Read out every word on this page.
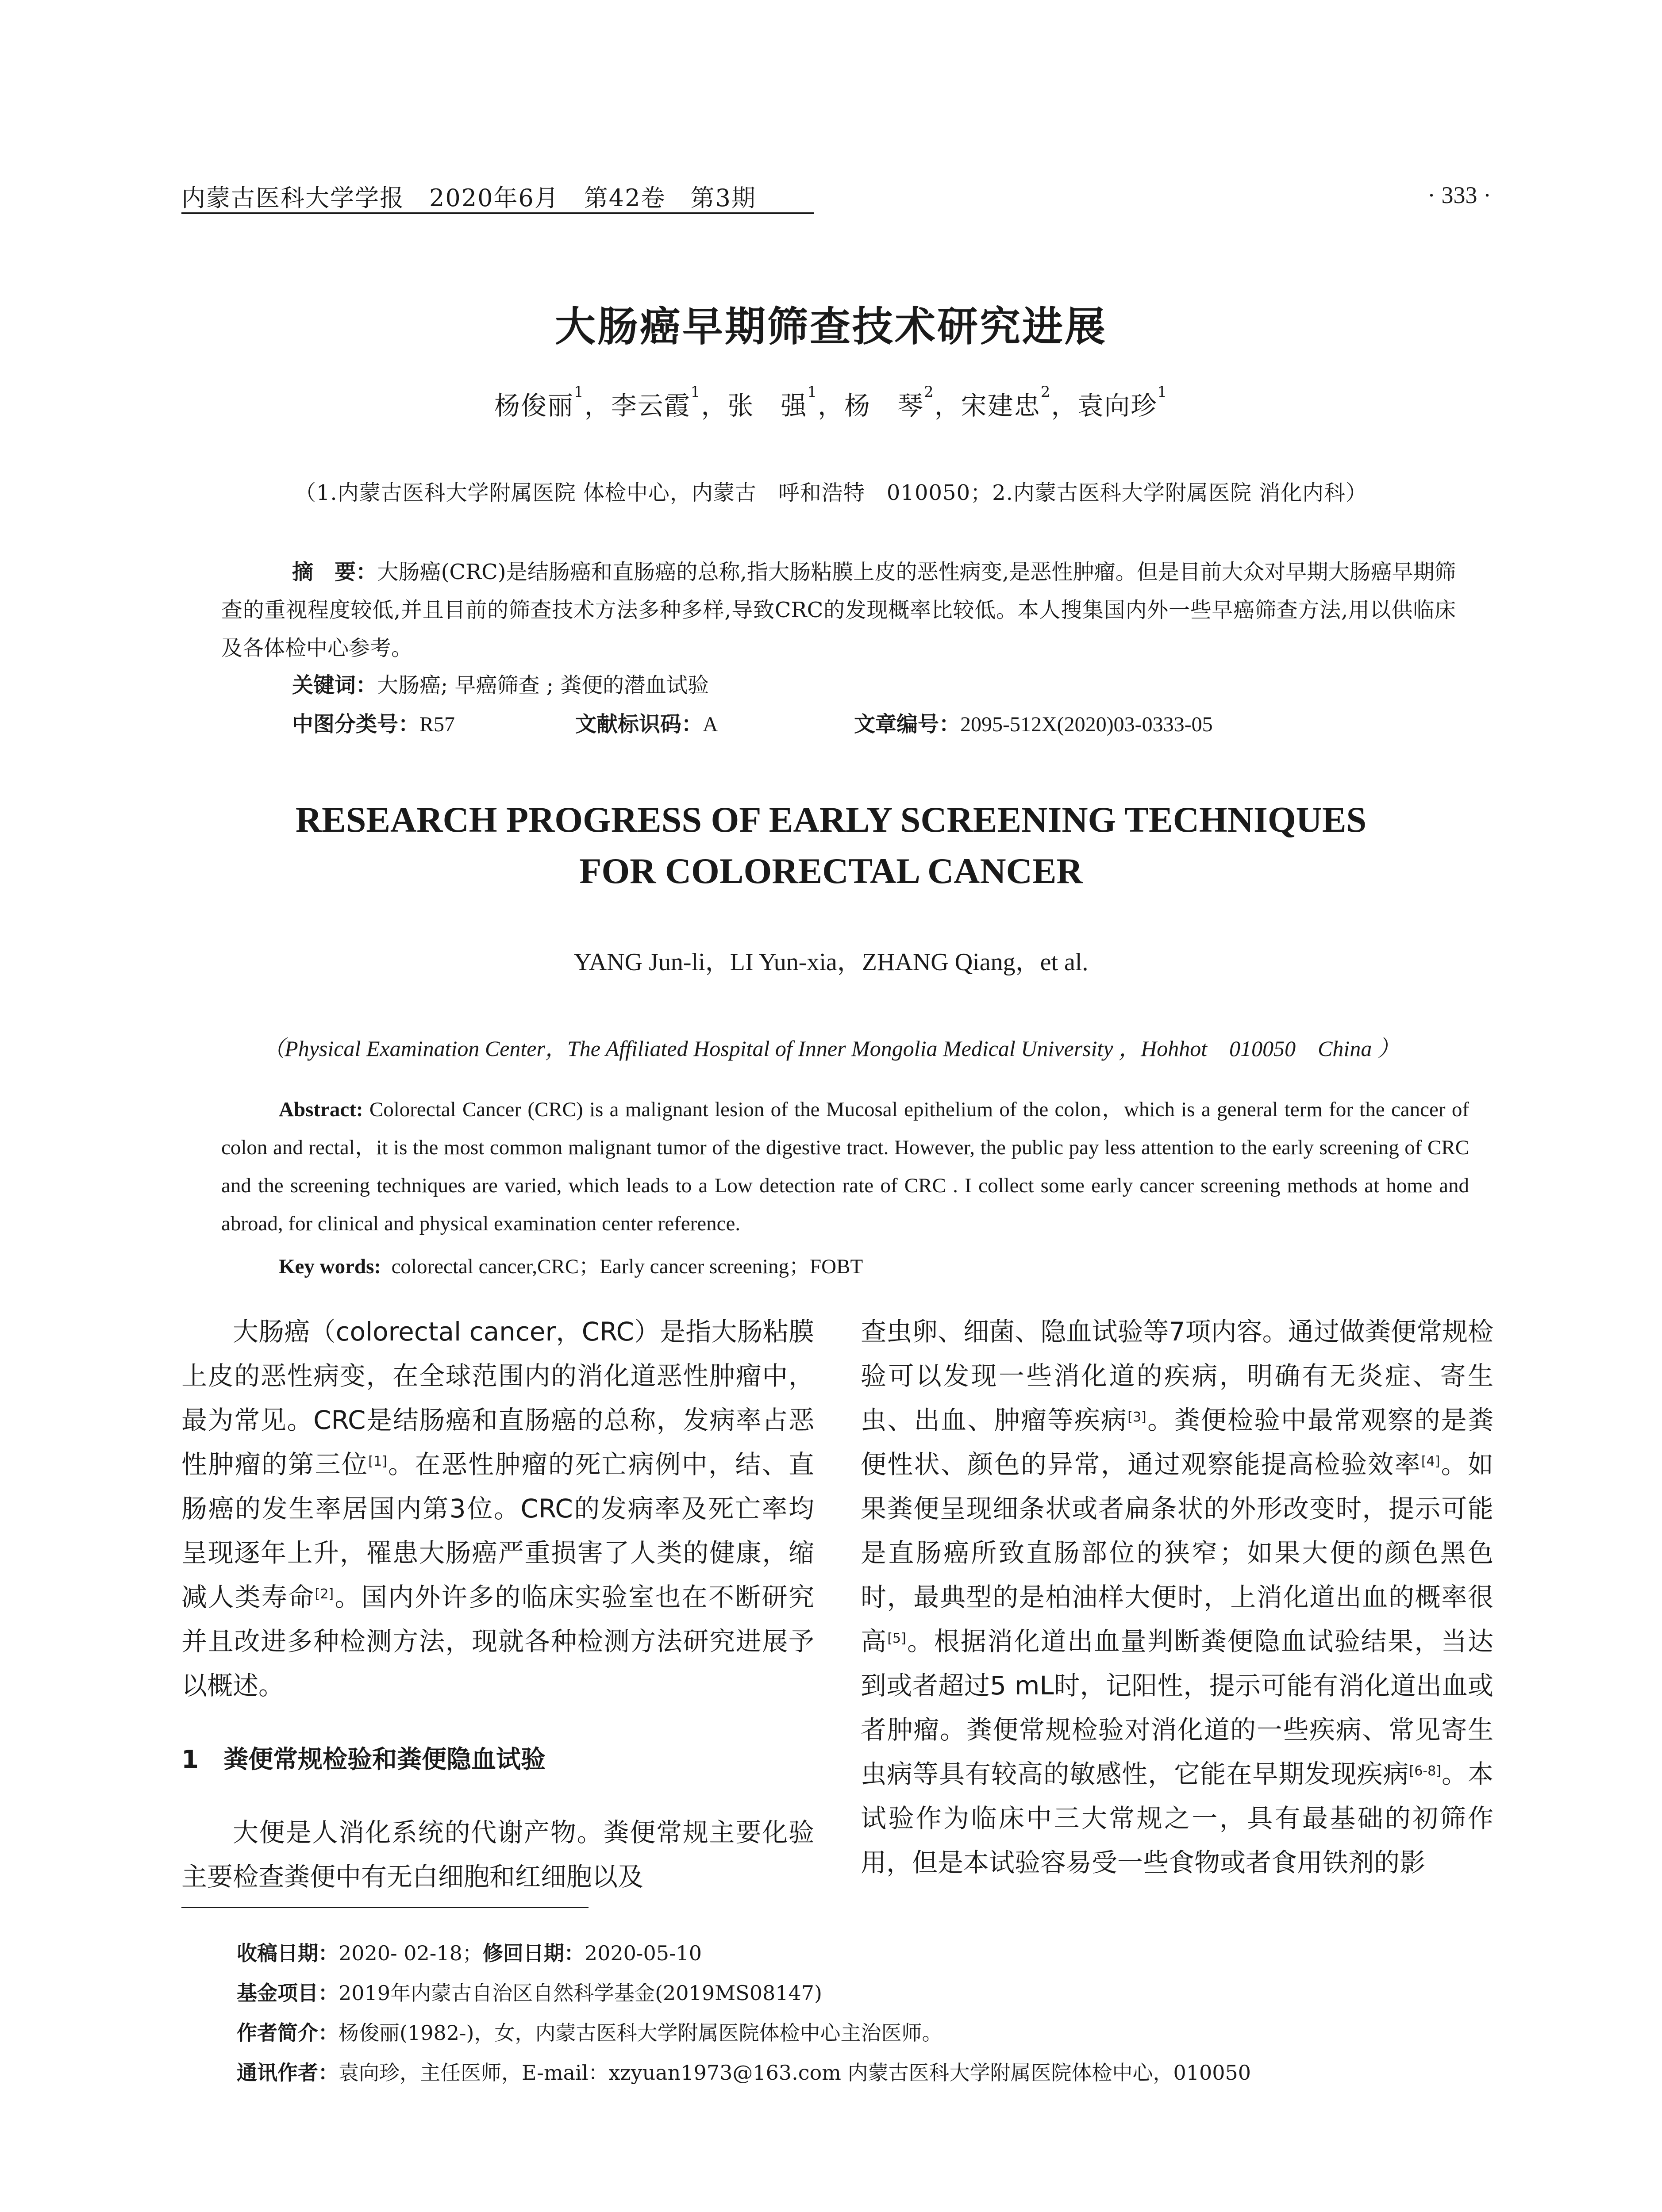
内蒙古医科大学学报　2020年6月　第42卷　第3期	· 333 ·
大肠癌早期筛查技术研究进展
杨俊丽$^1$，李云霞$^1$，张　强$^1$，杨　琴$^2$，宋建忠$^2$，袁向珍$^1$
（1.内蒙古医科大学附属医院 体检中心，内蒙古　呼和浩特　010050；2.内蒙古医科大学附属医院 消化内科）
摘　要：大肠癌(CRC)是结肠癌和直肠癌的总称,指大肠粘膜上皮的恶性病变,是恶性肿瘤。但是目前大众对早期大肠癌早期筛查的重视程度较低,并且目前的筛查技术方法多种多样,导致CRC的发现概率比较低。本人搜集国内外一些早癌筛查方法,用以供临床及各体检中心参考。
关键词：大肠癌; 早癌筛查 ; 粪便的潜血试验
中图分类号：R57	文献标识码：A	文章编号：2095-512X(2020)03-0333-05
RESEARCH PROGRESS OF EARLY SCREENING TECHNIQUES
FOR COLORECTAL CANCER
YANG Jun-li，LI Yun-xia，ZHANG Qiang，et al.
（Physical Examination Center，The Affiliated Hospital of Inner Mongolia Medical University ，Hohhot　010050　China ）
Abstract: Colorectal Cancer (CRC) is a malignant lesion of the Mucosal epithelium of the colon，which is a general term for the cancer of colon and rectal，it is the most common malignant tumor of the digestive tract. However, the public pay less attention to the early screening of CRC and the screening techniques are varied, which leads to a Low detection rate of CRC . I collect some early cancer screening methods at home and abroad, for clinical and physical examination center reference.
Key words: colorectal cancer,CRC；Early cancer screening；FOBT

大肠癌（colorectal cancer，CRC）是指大肠粘膜上皮的恶性病变，在全球范围内的消化道恶性肿瘤中，最为常见。CRC是结肠癌和直肠癌的总称，发病率占恶性肿瘤的第三位[1]。在恶性肿瘤的死亡病例中，结、直肠癌的发生率居国内第3位。CRC的发病率及死亡率均呈现逐年上升，罹患大肠癌严重损害了人类的健康，缩减人类寿命[2]。国内外许多的临床实验室也在不断研究并且改进多种检测方法，现就各种检测方法研究进展予以概述。

1　粪便常规检验和粪便隐血试验

大便是人消化系统的代谢产物。粪便常规主要化验主要检查粪便中有无白细胞和红细胞以及

查虫卵、细菌、隐血试验等7项内容。通过做粪便常规检验可以发现一些消化道的疾病，明确有无炎症、寄生虫、出血、肿瘤等疾病[3]。粪便检验中最常观察的是粪便性状、颜色的异常，通过观察能提高检验效率[4]。如果粪便呈现细条状或者扁条状的外形改变时，提示可能是直肠癌所致直肠部位的狭窄；如果大便的颜色黑色时，最典型的是柏油样大便时，上消化道出血的概率很高[5]。根据消化道出血量判断粪便隐血试验结果，当达到或者超过5 mL时，记阳性，提示可能有消化道出血或者肿瘤。粪便常规检验对消化道的一些疾病、常见寄生虫病等具有较高的敏感性，它能在早期发现疾病[6-8]。本试验作为临床中三大常规之一，具有最基础的初筛作用，但是本试验容易受一些食物或者食用铁剂的影

收稿日期：2020- 02-18；修回日期：2020-05-10
基金项目：2019年内蒙古自治区自然科学基金(2019MS08147)
作者简介：杨俊丽(1982-)，女，内蒙古医科大学附属医院体检中心主治医师。
通讯作者：袁向珍，主任医师，E-mail：xzyuan1973@163.com 内蒙古医科大学附属医院体检中心，010050
